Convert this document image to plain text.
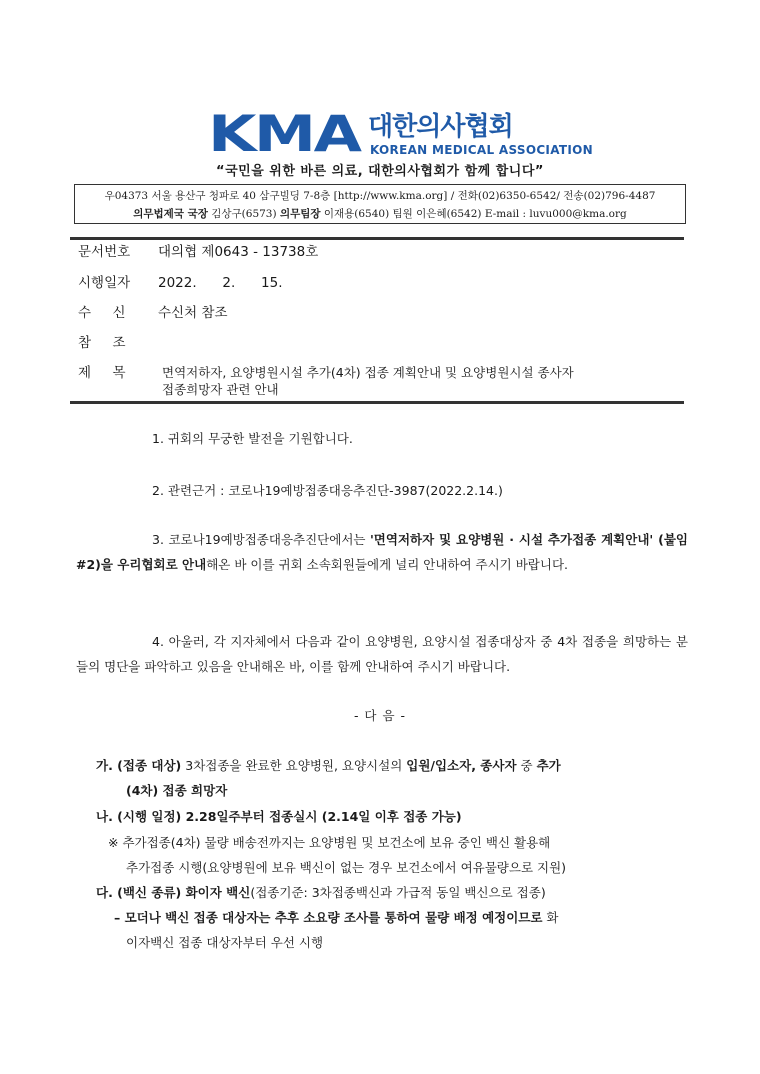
KMA 대한의사협회
KOREAN MEDICAL ASSOCIATION
“국민을 위한 바른 의료, 대한의사협회가 함께 합니다”
우04373 서울 용산구 청파로 40 삼구빌딩 7-8층 [http://www.kma.org] / 전화(02)6350-6542/ 전송(02)796-4487
의무법제국 국장 김상구(6573) 의무팀장 이재용(6540) 팀원 이은혜(6542) E-mail : luvu000@kma.org
문서번호 대의협 제0643 - 13738호
시행일자 2022.      2.      15.
수     신 수신처 참조
참     조
제     목	면역저하자, 요양병원시설 추가(4차) 접종 계획안내 및 요양병원시설 종사자
접종희망자 관련 안내
1. 귀회의 무궁한 발전을 기원합니다.
2. 관련근거 : 코로나19예방접종대응추진단-3987(2022.2.14.)
3. 코로나19예방접종대응추진단에서는 '면역저하자 및 요양병원 · 시설 추가접종 계획안내' (붙임#2)을 우리협회로 안내해온 바 이를 귀회 소속회원들에게 널리 안내하여 주시기 바랍니다.
4. 아울러, 각 지자체에서 다음과 같이 요양병원, 요양시설 접종대상자 중 4차 접종을 희망하는 분들의 명단을 파악하고 있음을 안내해온 바, 이를 함께 안내하여 주시기 바랍니다.
- 다 음 -
가. (접종 대상) 3차접종을 완료한 요양병원, 요양시설의 입원/입소자, 종사자 중 추가
(4차) 접종 희망자
나. (시행 일정) 2.28일주부터 접종실시 (2.14일 이후 접종 가능)
※ 추가접종(4차) 물량 배송전까지는 요양병원 및 보건소에 보유 중인 백신 활용해
추가접종 시행(요양병원에 보유 백신이 없는 경우 보건소에서 여유물량으로 지원)
다. (백신 종류) 화이자 백신(접종기준: 3차접종백신과 가급적 동일 백신으로 접종)
– 모더나 백신 접종 대상자는 추후 소요량 조사를 통하여 물량 배정 예정이므로 화
이자백신 접종 대상자부터 우선 시행
